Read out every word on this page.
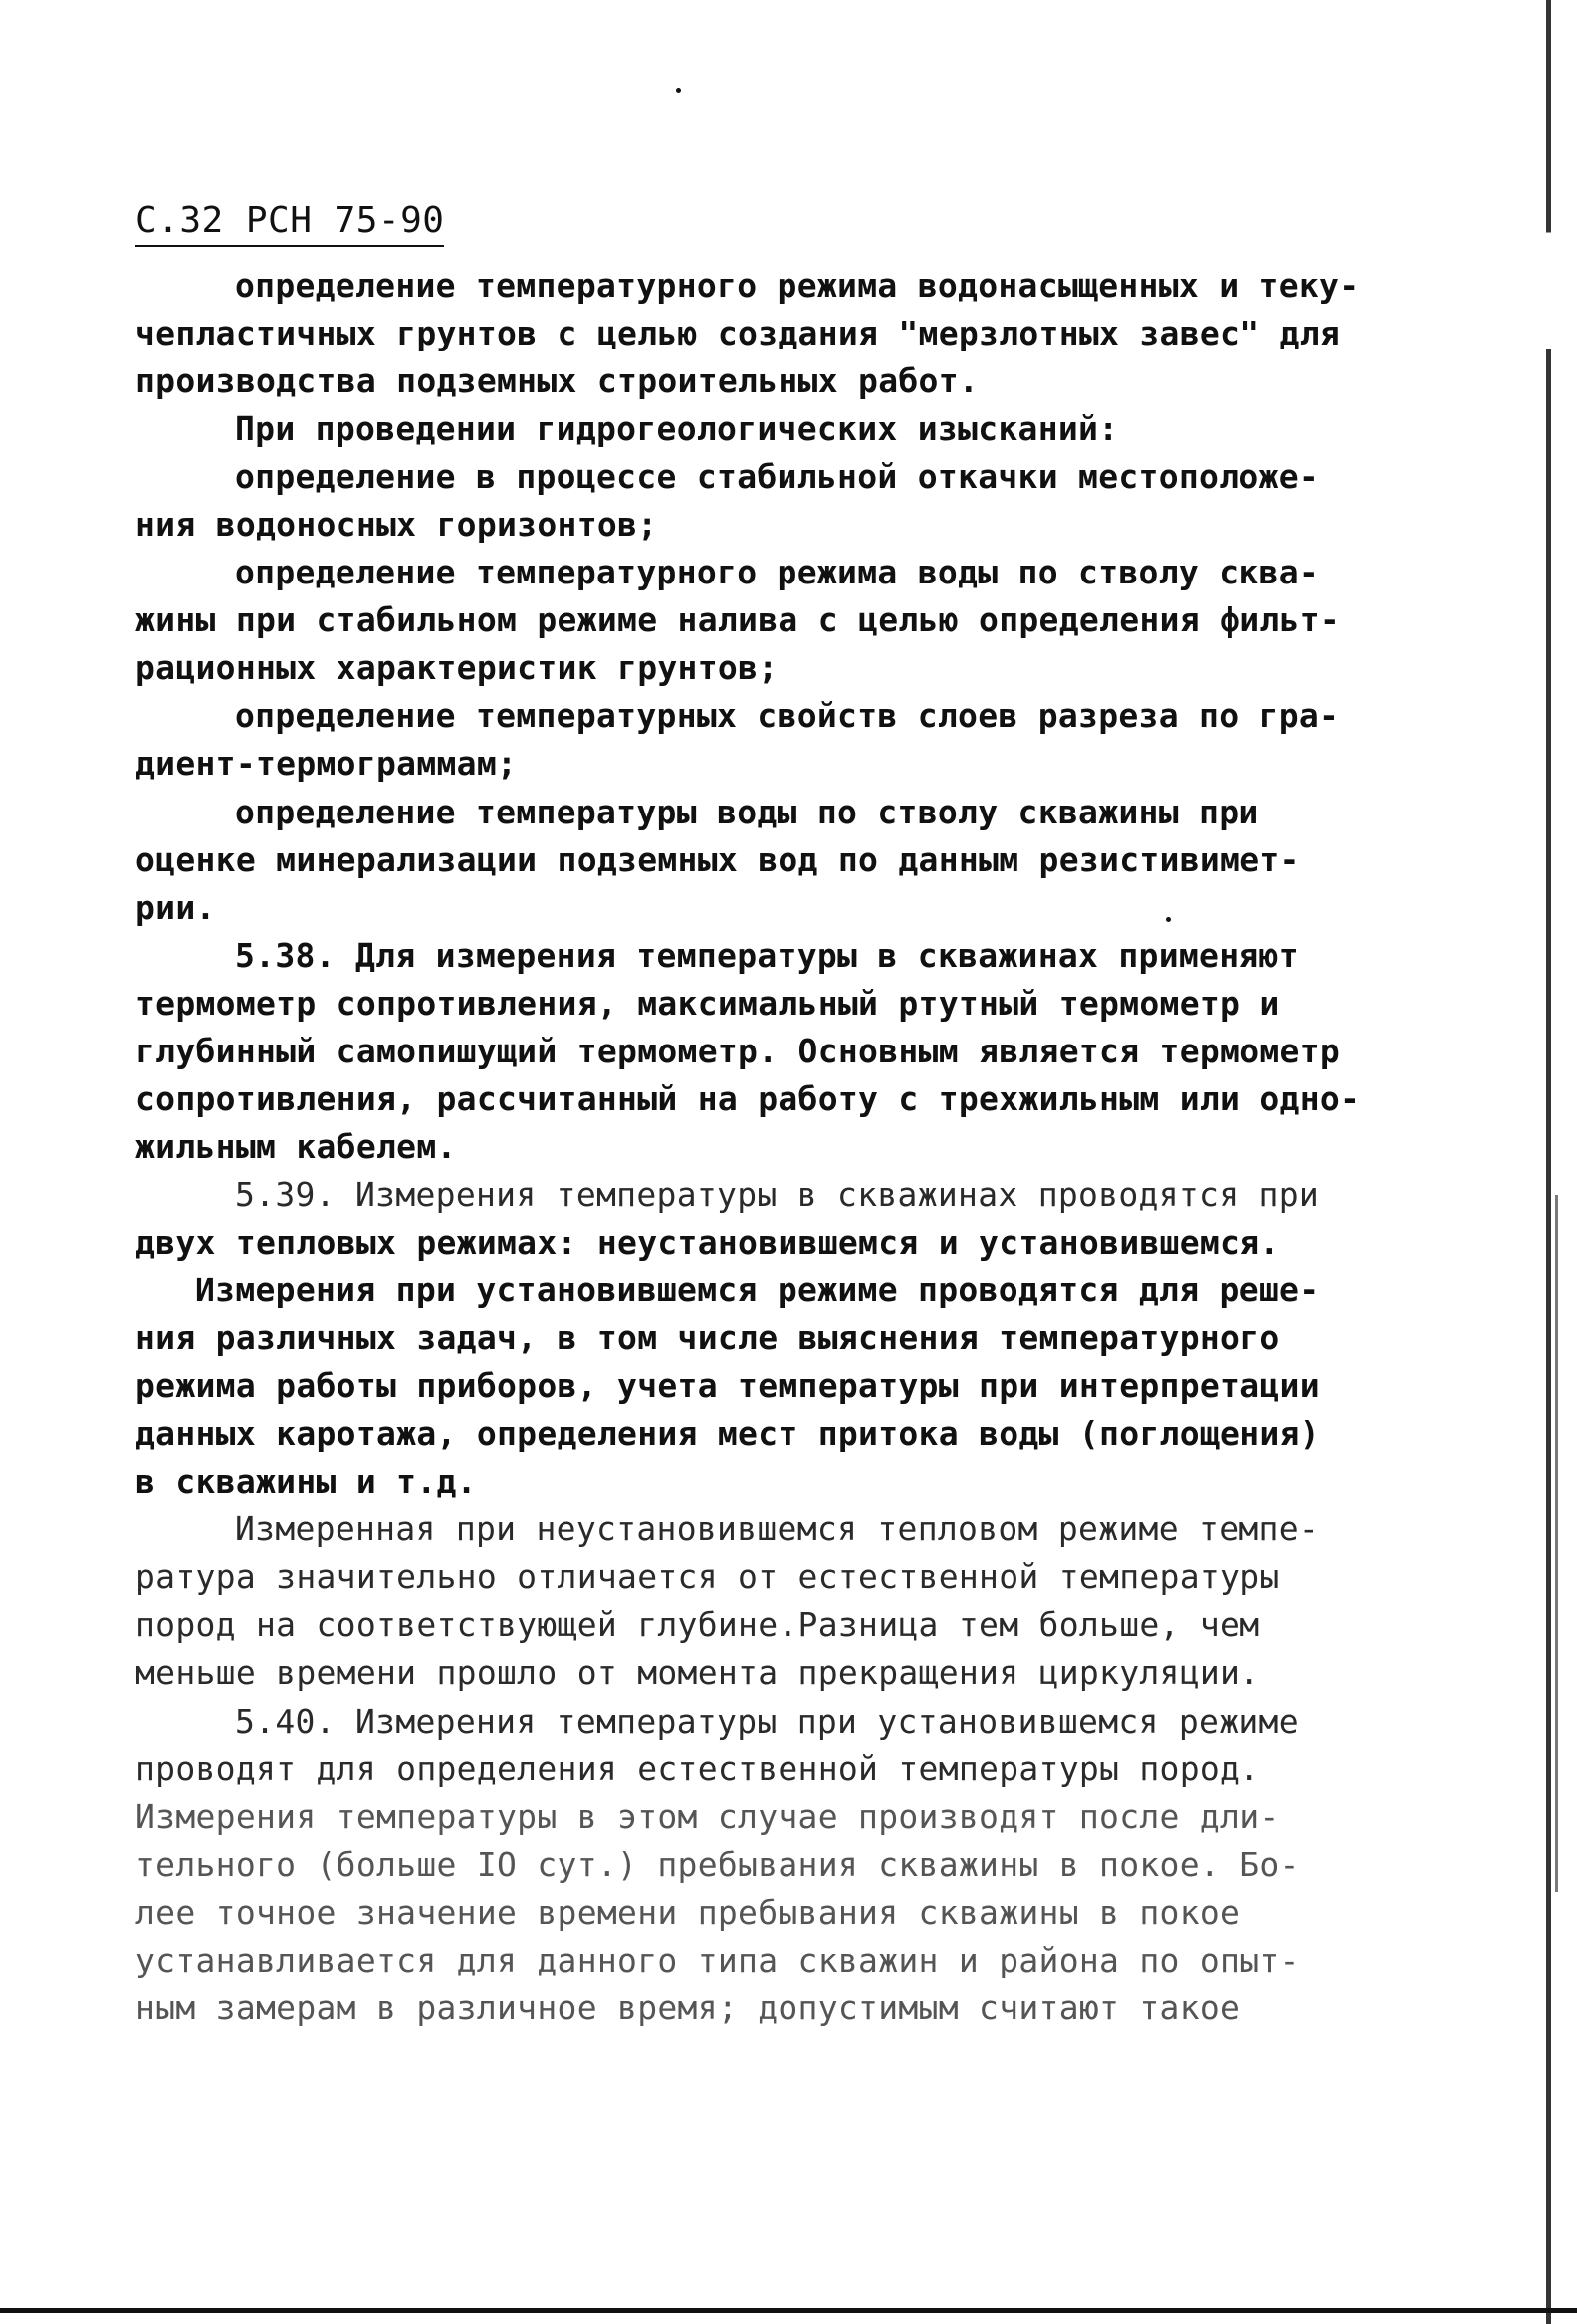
С.32 РСН 75-90
определение температурного режима водонасыщенных и теку-
чепластичных грунтов с целью создания "мерзлотных завес" для
производства подземных строительных работ.
При проведении гидрогеологических изысканий:
определение в процессе стабильной откачки местоположе-
ния водоносных горизонтов;
определение температурного режима воды по стволу сква-
жины при стабильном режиме налива с целью определения фильт-
рационных характеристик грунтов;
определение температурных свойств слоев разреза по гра-
диент-термограммам;
определение температуры воды по стволу скважины при
оценке минерализации подземных вод по данным резистивимет-
рии.
5.38. Для измерения температуры в скважинах применяют
термометр сопротивления, максимальный ртутный термометр и
глубинный самопишущий термометр. Основным является термометр
сопротивления, рассчитанный на работу с трехжильным или одно-
жильным кабелем.
5.39. Измерения температуры в скважинах проводятся при
двух тепловых режимах: неустановившемся и установившемся.
Измерения при установившемся режиме проводятся для реше-
ния различных задач, в том числе выяснения температурного
режима работы приборов, учета температуры при интерпретации
данных каротажа, определения мест притока воды (поглощения)
в скважины и т.д.
Измеренная при неустановившемся тепловом режиме темпе-
ратура значительно отличается от естественной температуры
пород на соответствующей глубине.Разница тем больше, чем
меньше времени прошло от момента прекращения циркуляции.
5.40. Измерения температуры при установившемся режиме
проводят для определения естественной температуры пород.
Измерения температуры в этом случае производят после дли-
тельного (больше IO сут.) пребывания скважины в покое. Бо-
лее точное значение времени пребывания скважины в покое
устанавливается для данного типа скважин и района по опыт-
ным замерам в различное время; допустимым считают такое
